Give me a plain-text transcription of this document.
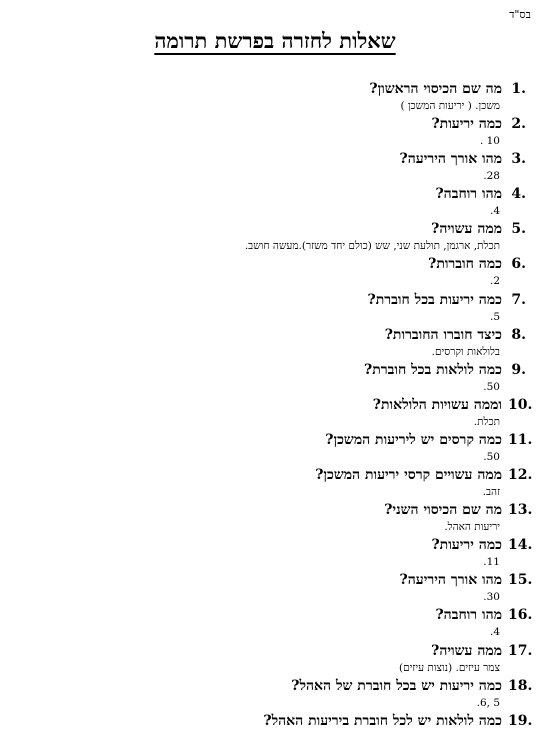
בס"ד
שאלות לחזרה בפרשת תרומה
1.
מה שם הכיסוי הראשון?
משכן. ( יריעות המשכן )
2.
כמה יריעות?
10 .
3.
מהו אורך היריעה?
28.
4.
מהו רוחבה?
4.
5.
ממה עשויה?
תכלת, ארגמן, תולעת שני, שש (כולם יחד משזר).מעשה חושב.
6.
כמה חוברות?
2.
7.
כמה יריעות בכל חוברת?
5.
8.
כיצד חוברו החוברות?
בלולאות וקרסים.
9.
כמה לולאות בכל חוברת?
50.
10.
וממה עשויות הלולאות?
תכלת.
11.
כמה קרסים יש ליריעות המשכן?
50.
12.
ממה עשויים קרסי יריעות המשכן?
זהב.
13.
מה שם הכיסוי השני?
יריעות האהל.
14.
כמה יריעות?
11.
15.
מהו אורך היריעה?
30.
16.
מהו רוחבה?
4.
17.
ממה עשויה?
צמר עיזים. (נוצות עיזים)
18.
כמה יריעות יש בכל חוברת של האהל?
5 ,6.
19.
כמה לולאות יש לכל חוברת ביריעות האהל?
